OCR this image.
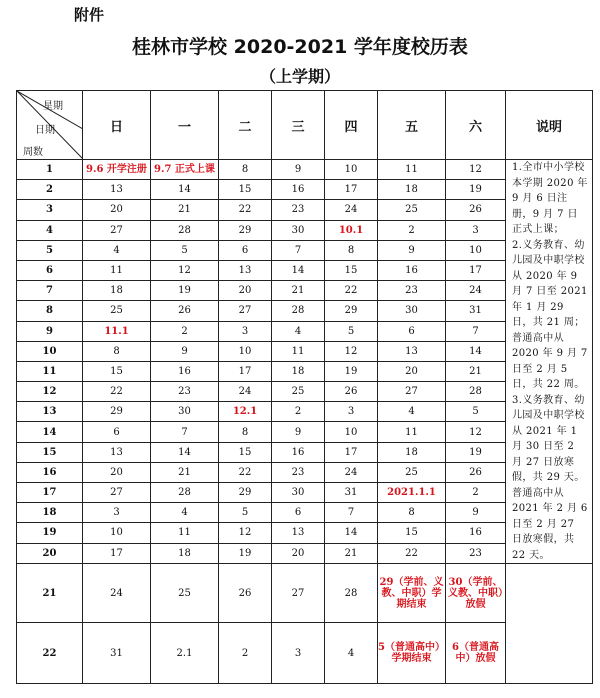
附件
桂林市学校 2020-2021 学年度校历表
（上学期）
星期
日期
周数	日	一	二	三	四	五	六	说明
1	9.6 开学注册	9.7 正式上课	8	9	10	11	12	1.全市中小学校本学期 2020 年 9 月 6 日注册，9 月 7 日正式上课；
2.义务教育、幼儿园及中职学校从 2020 年 9 月 7 日至 2021 年 1 月 29 日，共 21 周；普通高中从 2020 年 9 月 7 日至 2 月 5 日，共 22 周。
3.义务教育、幼儿园及中职学校从 2021 年 1 月 30 日至 2 月 27 日放寒假，共 29 天。普通高中从 2021 年 2 月 6 日至 2 月 27 日放寒假，共 22 天。

2	13	14	15	16	17	18	19	
3	20	21	22	23	24	25	26	
4	27	28	29	30	10.1	2	3	
5	4	5	6	7	8	9	10	
6	11	12	13	14	15	16	17	
7	18	19	20	21	22	23	24	
8	25	26	27	28	29	30	31	
9	11.1	2	3	4	5	6	7	
10	8	9	10	11	12	13	14	
11	15	16	17	18	19	20	21	
12	22	23	24	25	26	27	28	
13	29	30	12.1	2	3	4	5	
14	6	7	8	9	10	11	12	
15	13	14	15	16	17	18	19	
16	20	21	22	23	24	25	26	
17	27	28	29	30	31	2021.1.1	2	
18	3	4	5	6	7	8	9	
19	10	11	12	13	14	15	16	
20	17	18	19	20	21	22	23	
21	24	25	26	27	28	29（学前、义教、中职）学期结束	30（学前、义教、中职）放假	
22	31	2.1	2	3	4	5（普通高中）学期结束	6（普通高中）放假	
